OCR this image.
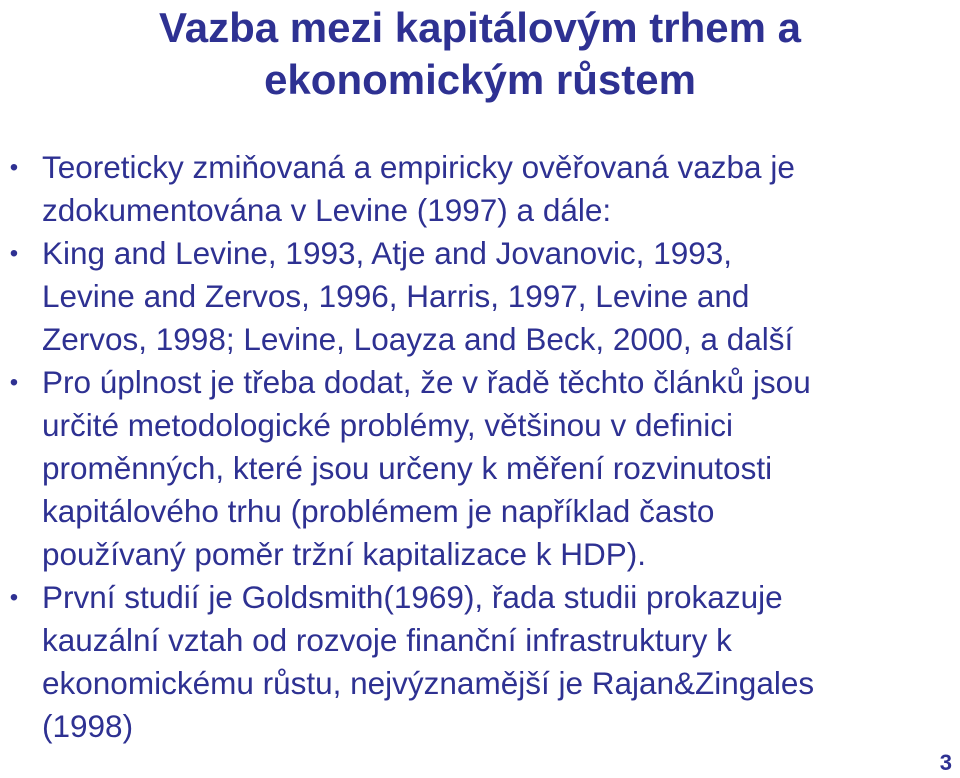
Vazba mezi kapitálovým trhem a
ekonomickým růstem
• Teoreticky zmiňovaná a empiricky ověřovaná vazba je
zdokumentována v Levine (1997) a dále:
• King and Levine, 1993, Atje and Jovanovic, 1993,
Levine and Zervos, 1996, Harris, 1997, Levine and
Zervos, 1998; Levine, Loayza and Beck, 2000, a další
• Pro úplnost je třeba dodat, že v řadě těchto článků jsou
určité metodologické problémy, většinou v definici
proměnných, které jsou určeny k měření rozvinutosti
kapitálového trhu (problémem je například často
používaný poměr tržní kapitalizace k HDP).
• První studií je Goldsmith(1969), řada studii prokazuje
kauzální vztah od rozvoje finanční infrastruktury k
ekonomickému růstu, nejvýznamější je Rajan&Zingales
(1998)
3
